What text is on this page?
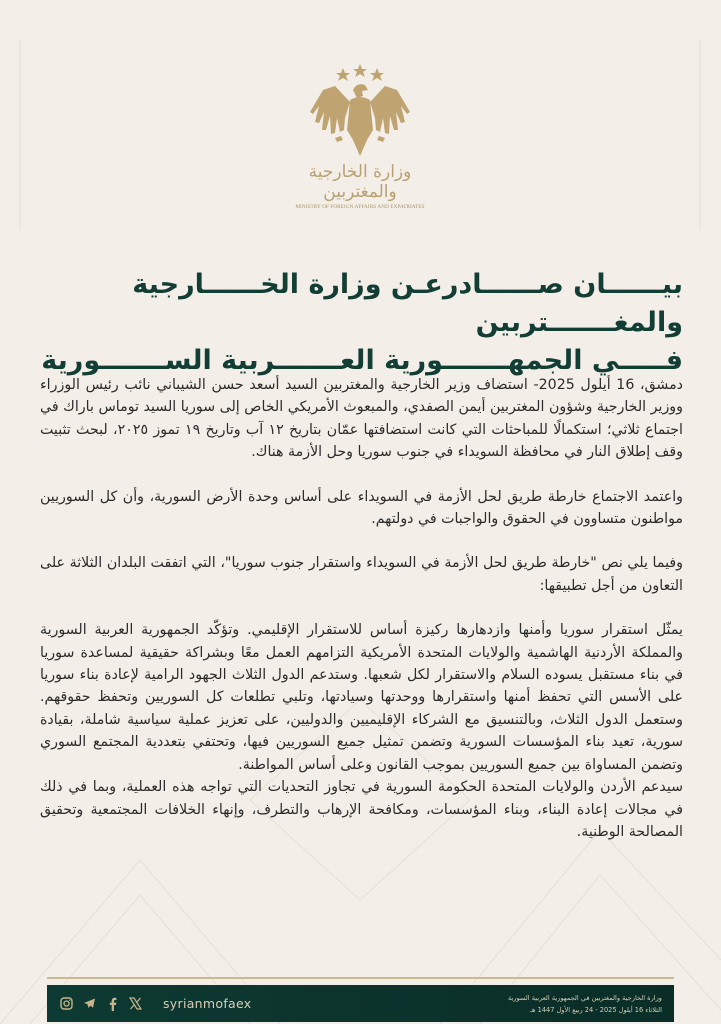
وزارة الخارجية والمغتربين
MINISTRY OF FOREIGN AFFAIRS AND EXPATRIATES
بيــــــان صــــــادرعـن وزارة الخــــــارجية والمغـــــــتربين
فـــــي الجمهـــــــورية العـــــــربية الســـــــورية

دمشق، 16 أيلول 2025- استضاف وزير الخارجية والمغتربين السيد أسعد حسن الشيباني نائب رئيس الوزراء ووزير الخارجية وشؤون المغتربين أيمن الصفدي، والمبعوث الأمريكي الخاص إلى سوريا السيد توماس باراك في اجتماع ثلاثي؛ استكمالًا للمباحثات التي كانت استضافتها عمّان بتاريخ ١٢ آب وتاريخ ١٩ تموز ٢٠٢٥، لبحث تثبيت وقف إطلاق النار في محافظة السويداء في جنوب سوريا وحل الأزمة هناك.

واعتمد الاجتماع خارطة طريق لحل الأزمة في السويداء على أساس وحدة الأرض السورية، وأن كل السوريين مواطنون متساوون في الحقوق والواجبات في دولتهم.

وفيما يلي نص "خارطة طريق لحل الأزمة في السويداء واستقرار جنوب سوريا"، التي اتفقت البلدان الثلاثة على التعاون من أجل تطبيقها:

يمثّل استقرار سوريا وأمنها وازدهارها ركيزة أساس للاستقرار الإقليمي. وتؤكّد الجمهورية العربية السورية والمملكة الأردنية الهاشمية والولايات المتحدة الأمريكية التزامهم العمل معًا وبشراكة حقيقية لمساعدة سوريا في بناء مستقبل يسوده السلام والاستقرار لكل شعبها. وستدعم الدول الثلاث الجهود الرامية لإعادة بناء سوريا على الأسس التي تحفظ أمنها واستقرارها ووحدتها وسيادتها، وتلبي تطلعات كل السوريين وتحفظ حقوقهم. وستعمل الدول الثلاث، وبالتنسيق مع الشركاء الإقليميين والدوليين، على تعزيز عملية سياسية شاملة، بقيادة سورية، تعيد بناء المؤسسات السورية وتضمن تمثيل جميع السوريين فيها، وتحتفي بتعددية المجتمع السوري وتضمن المساواة بين جميع السوريين بموجب القانون وعلى أساس المواطنة.

سيدعم الأردن والولايات المتحدة الحكومة السورية في تجاوز التحديات التي تواجه هذه العملية، وبما في ذلك في مجالات إعادة البناء، وبناء المؤسسات، ومكافحة الإرهاب والتطرف، وإنهاء الخلافات المجتمعية وتحقيق المصالحة الوطنية.

syrianmofaex	وزارة الخارجية والمغتربين في الجمهورية العربية السورية
الثلاثاء 16 أيلول 2025 - 24 ربيع الأول 1447 هـ
